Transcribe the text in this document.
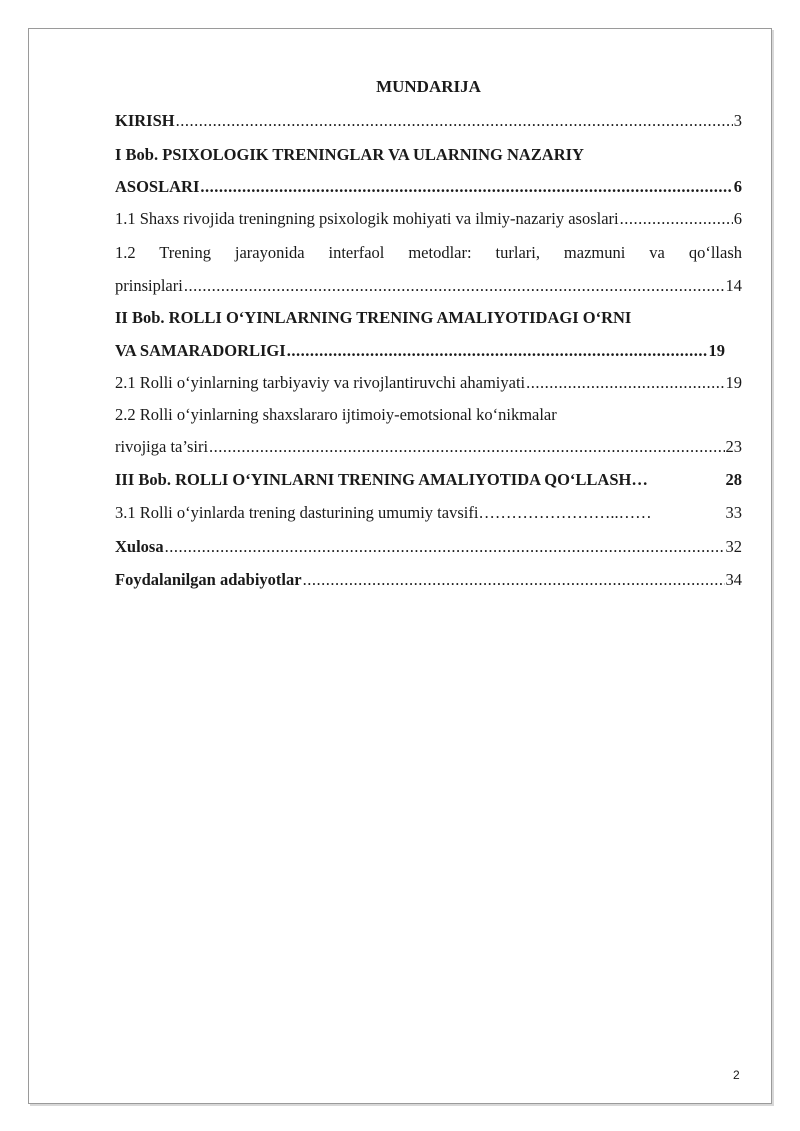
MUNDARIJA
KIRISH .....	3
I Bob. PSIXOLOGIK TRENINGLAR VA ULARNING NAZARIY
ASOSLARI .....	6
1.1 Shaxs rivojida treningning psixologik mohiyati va ilmiy-nazariy asoslari .....	6
1.2 Trening jarayonida interfaol metodlar: turlari, mazmuni va qo‘llash
prinsiplari .....	14
II Bob. ROLLI O‘YINLARNING TRENING AMALIYOTIDAGI O‘RNI
VA SAMARADORLIGI .....	19
2.1 Rolli o‘yinlarning tarbiyaviy va rivojlantiruvchi ahamiyati .....	19
2.2 Rolli o‘yinlarning shaxslararo ijtimoiy-emotsional ko‘nikmalar
rivojiga ta’siri .....	23
III Bob. ROLLI O‘YINLARNI TRENING AMALIYOTIDA QO‘LLASH…	28
3.1 Rolli o‘yinlarda trening dasturining umumiy tavsifi……………………..……	33
Xulosa .....	32
Foydalanilgan adabiyotlar .....	34
2
